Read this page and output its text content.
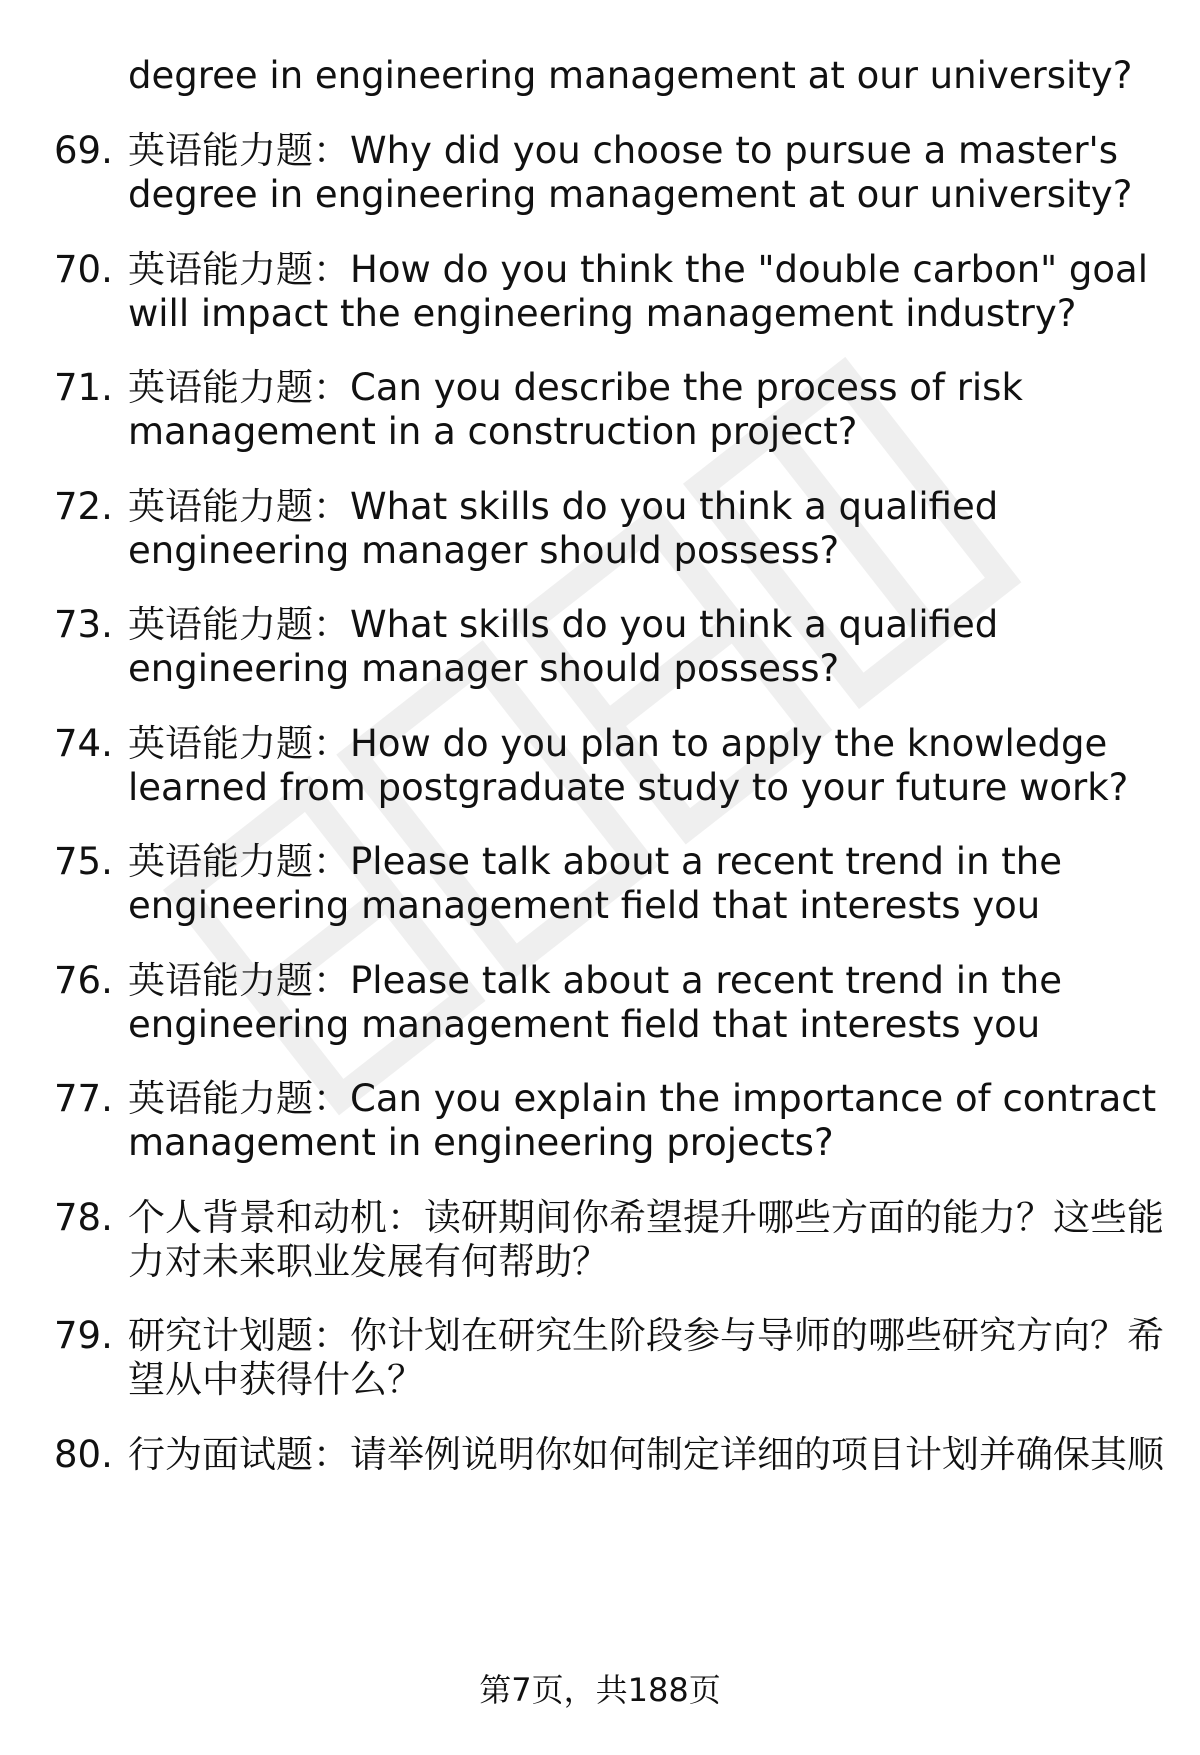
degree in engineering management at our university?
69. 英语能力题：Why did you choose to pursue a master's
degree in engineering management at our university?
70. 英语能力题：How do you think the "double carbon" goal
will impact the engineering management industry?
71. 英语能力题：Can you describe the process of risk
management in a construction project?
72. 英语能力题：What skills do you think a qualified
engineering manager should possess?
73. 英语能力题：What skills do you think a qualified
engineering manager should possess?
74. 英语能力题：How do you plan to apply the knowledge
learned from postgraduate study to your future work?
75. 英语能力题：Please talk about a recent trend in the
engineering management field that interests you
76. 英语能力题：Please talk about a recent trend in the
engineering management field that interests you
77. 英语能力题：Can you explain the importance of contract
management in engineering projects?
78. 个人背景和动机：读研期间你希望提升哪些方面的能力？这些能
力对未来职业发展有何帮助？
79. 研究计划题：你计划在研究生阶段参与导师的哪些研究方向？希
望从中获得什么？
80. 行为面试题：请举例说明你如何制定详细的项目计划并确保其顺
第7页，共188页
